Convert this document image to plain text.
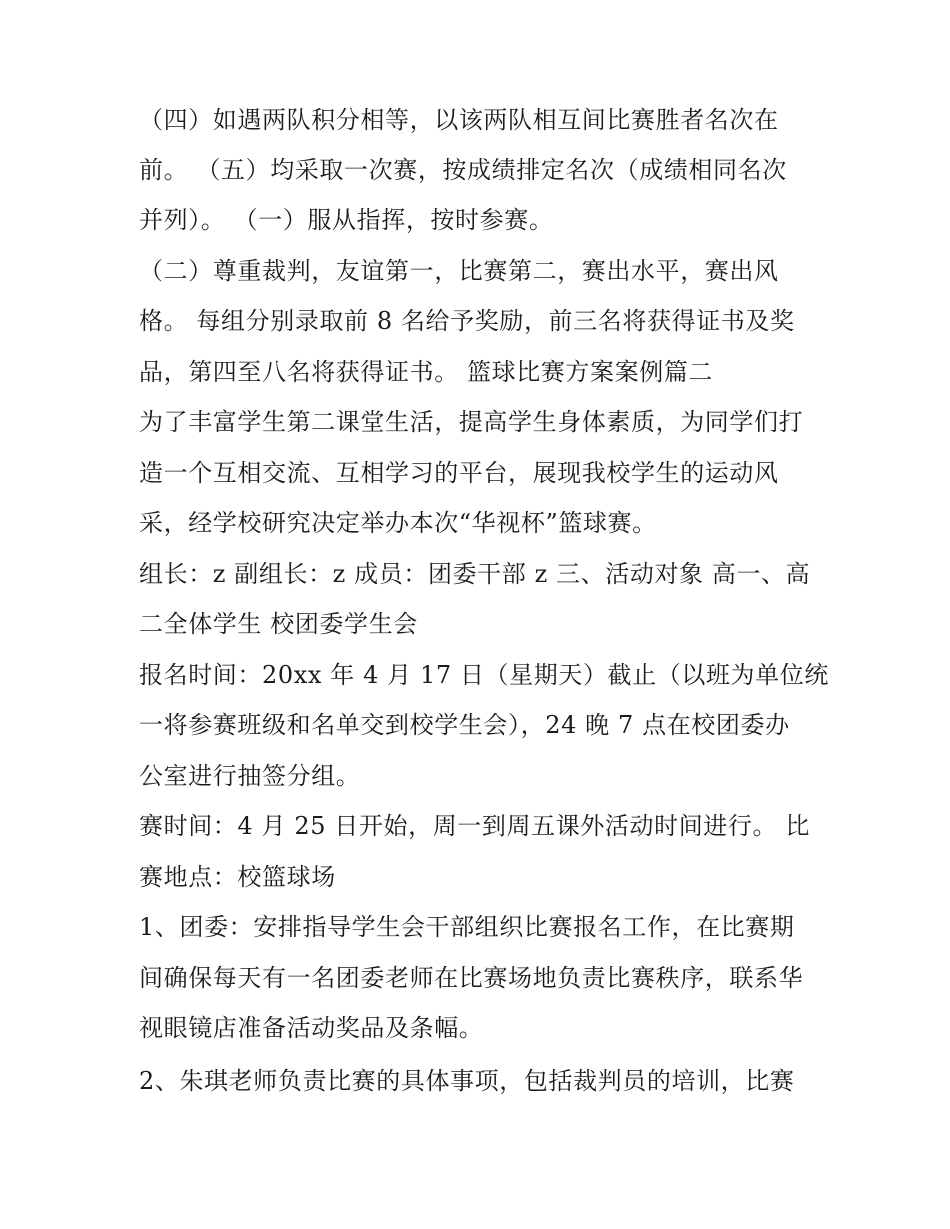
（四）如遇两队积分相等，以该两队相互间比赛胜者名次在
前。 （五）均采取一次赛，按成绩排定名次（成绩相同名次
并列）。 （一）服从指挥，按时参赛。
（二）尊重裁判，友谊第一，比赛第二，赛出水平，赛出风
格。 每组分别录取前 8 名给予奖励，前三名将获得证书及奖
品，第四至八名将获得证书。 篮球比赛方案案例篇二
为了丰富学生第二课堂生活，提高学生身体素质，为同学们打
造一个互相交流、互相学习的平台，展现我校学生的运动风
采，经学校研究决定举办本次“华视杯”篮球赛。
组长：z 副组长：z 成员：团委干部 z 三、活动对象 高一、高
二全体学生 校团委学生会
报名时间：20xx 年 4 月 17 日（星期天）截止（以班为单位统
一将参赛班级和名单交到校学生会），24 晚 7 点在校团委办
公室进行抽签分组。
赛时间：4 月 25 日开始，周一到周五课外活动时间进行。 比
赛地点：校篮球场
1、团委：安排指导学生会干部组织比赛报名工作，在比赛期
间确保每天有一名团委老师在比赛场地负责比赛秩序，联系华
视眼镜店准备活动奖品及条幅。
2、朱琪老师负责比赛的具体事项，包括裁判员的培训，比赛
